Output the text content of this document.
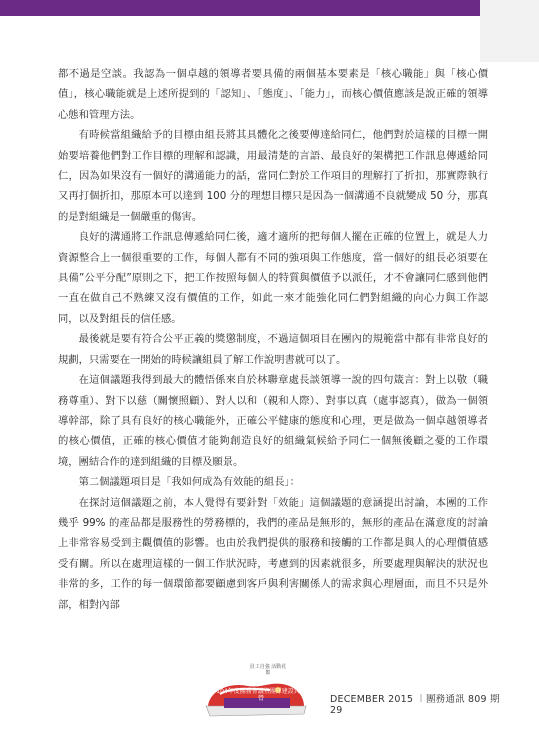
都不過是空談。我認為一個卓越的領導者要具備的兩個基本要素是「核心職能」與「核心價值」，核心職能就是上述所提到的「認知」、「態度」、「能力」，而核心價值應該是說正確的領導心態和管理方法。

有時候當組織給予的目標由組長將其具體化之後要傳達給同仁，他們對於這樣的目標一開始要培養他們對工作目標的理解和認識，用最清楚的言語、最良好的架構把工作訊息傳遞給同仁，因為如果沒有一個好的溝通能力的話，當同仁對於工作項目的理解打了折扣，那實際執行又再打個折扣，那原本可以達到 100 分的理想目標只是因為一個溝通不良就變成 50 分，那真的是對組織是一個嚴重的傷害。

良好的溝通將工作訊息傳遞給同仁後，適才適所的把每個人擺在正確的位置上，就是人力資源整合上一個很重要的工作，每個人都有不同的強項與工作態度，當一個好的組長必須要在具備”公平分配”原則之下，把工作按照每個人的特質與價值予以派任，才不會讓同仁感到他們一直在做自己不熟練又沒有價值的工作，如此一來才能強化同仁們對組織的向心力與工作認同，以及對組長的信任感。

最後就是要有符合公平正義的獎懲制度，不過這個項目在團內的規範當中都有非常良好的規劃，只需要在一開始的時候讓組員了解工作說明書就可以了。

在這個議題我得到最大的體悟係來自於林聯章處長談領導一說的四句箴言：對上以敬（職務尊重）、對下以慈（關懷照顧）、對人以和（親和人際）、對事以真（處事認真），做為一個領導幹部，除了具有良好的核心職能外，正確公平健康的態度和心理，更是做為一個卓越領導者的核心價值，正確的核心價值才能夠創造良好的組織氣候給予同仁一個無後顧之憂的工作環境，團結合作的達到組織的目標及願景。

第二個議題項目是「我如何成為有效能的組長」：

在探討這個議題之前，本人覺得有要針對「效能」這個議題的意涵提出討論，本團的工作幾乎 99% 的產品都是服務性的勞務標的，我們的產品是無形的，無形的產品在滿意度的討論上非常容易受到主觀價值的影響。也由於我們提供的服務和接觸的工作都是與人的心理價值感受有關。所以在處理這樣的一個工作狀況時，考慮到的因素就很多，所要處理與解決的狀況也非常的多，工作的每一個環節都要顧慮到客戶與利害關係人的需求與心理層面，而且不只是外部，相對內部

員工自強 活動花絮
104年度團務會議暨團隊建設共識營	DECEMBER 2015 ︱團務通訊 809 期 29
